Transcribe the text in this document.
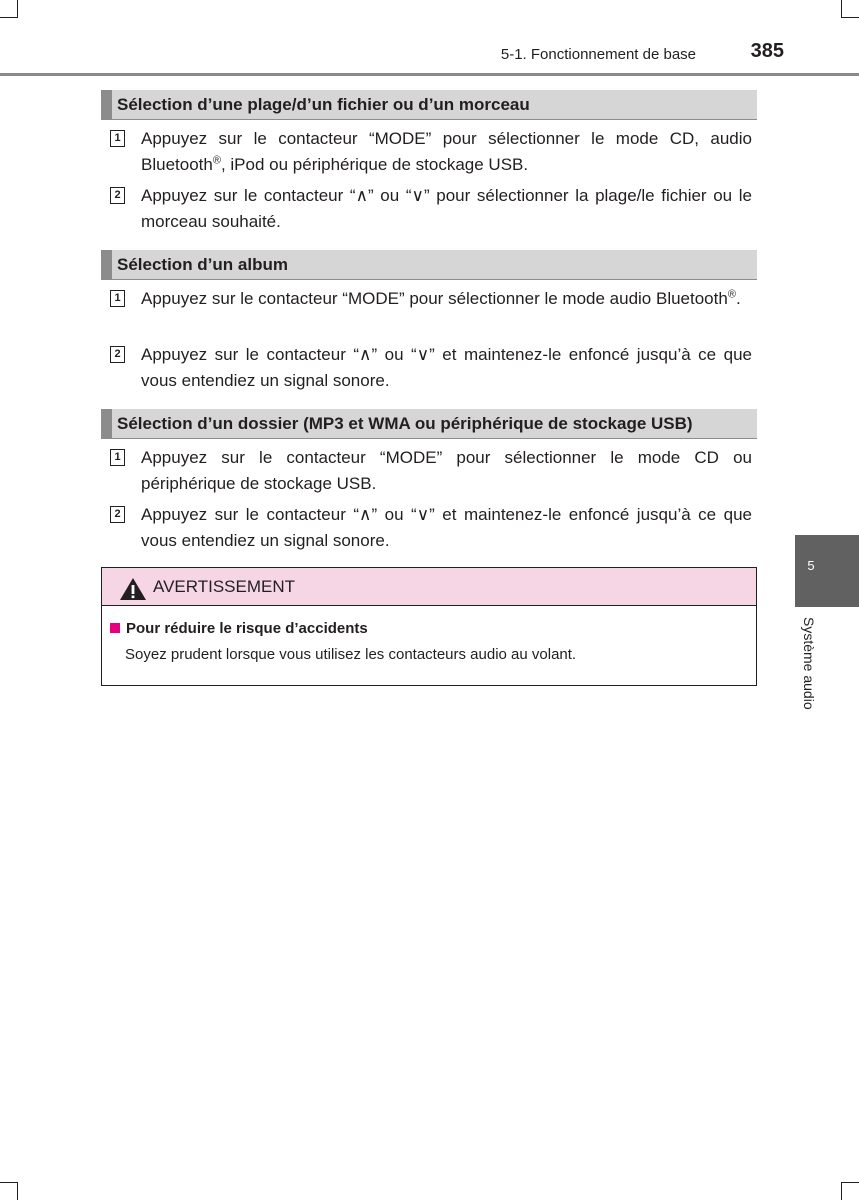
5-1. Fonctionnement de base	385
Sélection d’une plage/d’un fichier ou d’un morceau
1 Appuyez sur le contacteur “MODE” pour sélectionner le mode CD, audio Bluetooth®, iPod ou périphérique de stockage USB.
2 Appuyez sur le contacteur “∧” ou “∨” pour sélectionner la plage/le fichier ou le morceau souhaité.
Sélection d’un album
1 Appuyez sur le contacteur “MODE” pour sélectionner le mode audio Bluetooth®.
2 Appuyez sur le contacteur “∧” ou “∨” et maintenez-le enfoncé jusqu’à ce que vous entendiez un signal sonore.
Sélection d’un dossier (MP3 et WMA ou périphérique de stockage USB)
1 Appuyez sur le contacteur “MODE” pour sélectionner le mode CD ou périphérique de stockage USB.
2 Appuyez sur le contacteur “∧” ou “∨” et maintenez-le enfoncé jusqu’à ce que vous entendiez un signal sonore.
AVERTISSEMENT
Pour réduire le risque d’accidents
Soyez prudent lorsque vous utilisez les contacteurs audio au volant.
5
Système audio
